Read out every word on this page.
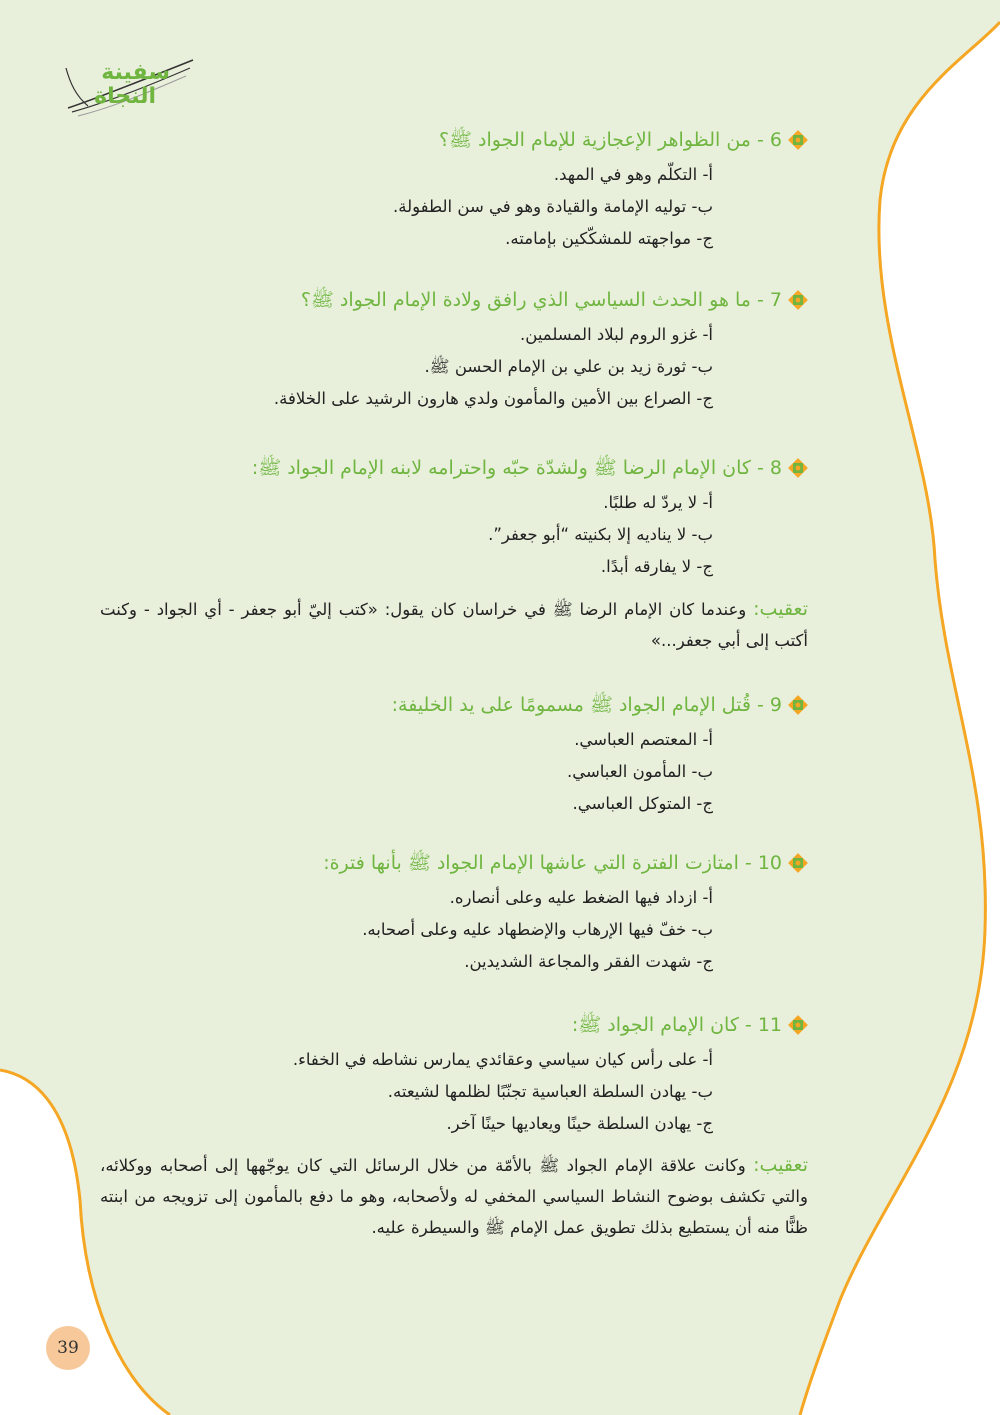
سفينة
النجاة
6 - من الظواهر الإعجازية للإمام الجواد ﷺ؟
أ- التكلّم وهو في المهد.
ب- توليه الإمامة والقيادة وهو في سن الطفولة.
ج- مواجهته للمشكّكين بإمامته.
7 - ما هو الحدث السياسي الذي رافق ولادة الإمام الجواد ﷺ؟
أ- غزو الروم لبلاد المسلمين.
ب- ثورة زيد بن علي بن الإمام الحسن ﷺ.
ج- الصراع بين الأمين والمأمون ولدي هارون الرشيد على الخلافة.
8 - كان الإمام الرضا ﷺ ولشدّة حبّه واحترامه لابنه الإمام الجواد ﷺ:
أ- لا يردّ له طلبًا.
ب- لا يناديه إلا بكنيته “أبو جعفر”.
ج- لا يفارقه أبدًا.
تعقيب: وعندما كان الإمام الرضا ﷺ في خراسان كان يقول: «كتب إليّ أبو جعفر - أي الجواد - وكنت أكتب إلى أبي جعفر...»
9 - قُتل الإمام الجواد ﷺ مسمومًا على يد الخليفة:
أ- المعتصم العباسي.
ب- المأمون العباسي.
ج- المتوكل العباسي.
10 - امتازت الفترة التي عاشها الإمام الجواد ﷺ بأنها فترة:
أ- ازداد فيها الضغط عليه وعلى أنصاره.
ب- خفّ فيها الإرهاب والإضطهاد عليه وعلى أصحابه.
ج- شهدت الفقر والمجاعة الشديدين.
11 - كان الإمام الجواد ﷺ:
أ- على رأس كيان سياسي وعقائدي يمارس نشاطه في الخفاء.
ب- يهادن السلطة العباسية تجنّبًا لظلمها لشيعته.
ج- يهادن السلطة حينًا ويعاديها حينًا آخر.
تعقيب: وكانت علاقة الإمام الجواد ﷺ بالأمّة من خلال الرسائل التي كان يوجّهها إلى أصحابه ووكلائه، والتي تكشف بوضوح النشاط السياسي المخفي له ولأصحابه، وهو ما دفع بالمأمون إلى تزويجه من ابنته ظنًّا منه أن يستطيع بذلك تطويق عمل الإمام ﷺ والسيطرة عليه.
39
